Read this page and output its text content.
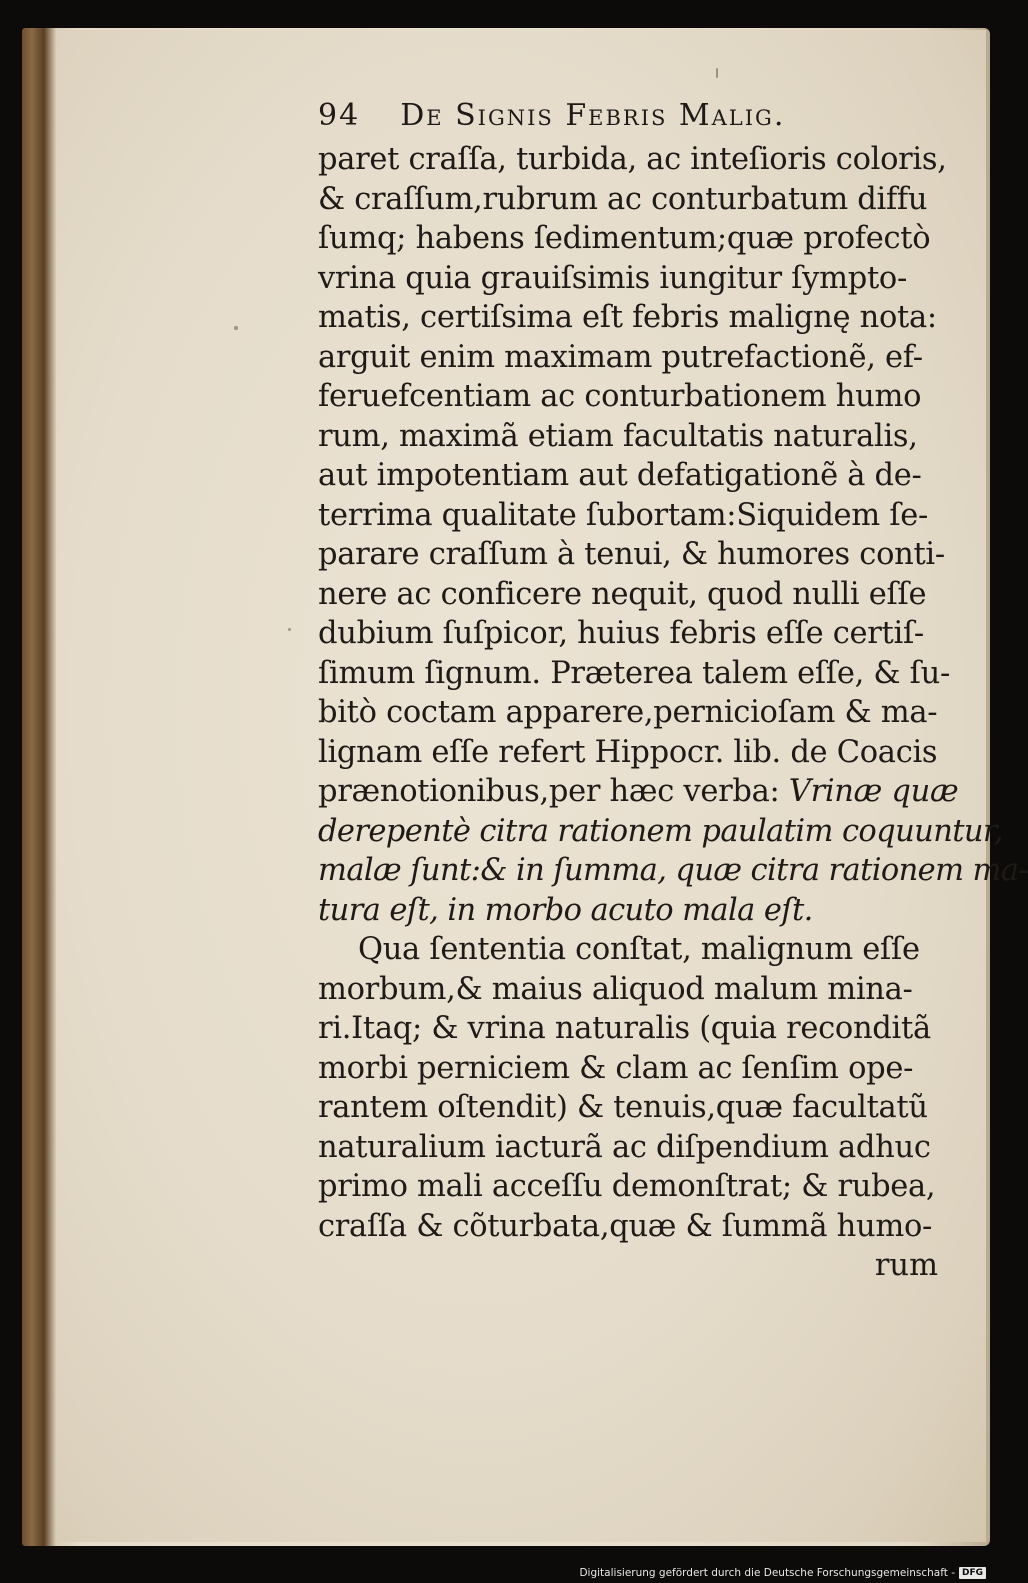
94 De Signis Febris Malig.
paret craſſa, turbida, ac inteſioris coloris,
& craſſum,rubrum ac conturbatum diffu
ſumq; habens ſedimentum;quæ profectò
vrina quia grauiſsimis iungitur ſympto-
matis, certiſsima eſt febris malignę nota:
arguit enim maximam putrefactionẽ, ef-
feruefcentiam ac conturbationem humo
rum, maximã etiam facultatis naturalis,
aut impotentiam aut defatigationẽ à de-
terrima qualitate ſubortam:Siquidem ſe-
parare craſſum à tenui, & humores conti-
nere ac conficere nequit, quod nulli eſſe
dubium ſuſpicor, huius febris eſſe certiſ-
ſimum ſignum. Præterea talem eſſe, & ſu-
bitò coctam apparere,pernicioſam & ma-
lignam eſſe refert Hippocr. lib. de Coacis
prænotionibus,per hæc verba: Vrinæ quæ
derepentè citra rationem paulatim coquuntur,
malæ ſunt:& in ſumma, quæ citra rationem ma-
tura eſt, in morbo acuto mala eſt.
Qua ſententia conſtat, malignum eſſe
morbum,& maius aliquod malum mina-
ri.Itaq; & vrina naturalis (quia reconditã
morbi perniciem & clam ac ſenſim ope-
rantem oſtendit) & tenuis,quæ facultatũ
naturalium iacturã ac diſpendium adhuc
primo mali acceſſu demonſtrat; & rubea,
craſſa & cõturbata,quæ & ſummã humo-
rum
Digitalisierung gefördert durch die Deutsche Forschungsgemeinschaft - DFG
